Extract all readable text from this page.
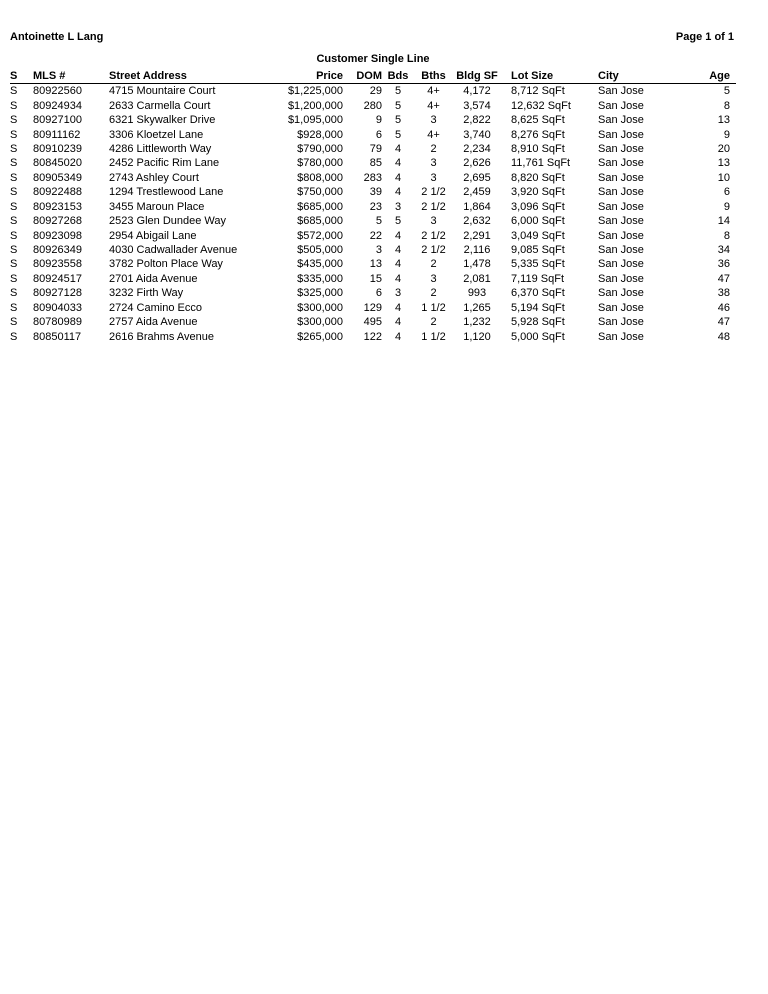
Antoinette L Lang	Page 1 of 1
Customer Single Line
S	MLS #	Street Address	Price	DOM	Bds	Bths	Bldg SF	Lot Size	City	Age
S	80922560	4715 Mountaire Court	$1,225,000	29	5	4+	4,172	8,712 SqFt	San Jose	5
S	80924934	2633 Carmella Court	$1,200,000	280	5	4+	3,574	12,632 SqFt	San Jose	8
S	80927100	6321 Skywalker Drive	$1,095,000	9	5	3	2,822	8,625 SqFt	San Jose	13
S	80911162	3306 Kloetzel Lane	$928,000	6	5	4+	3,740	8,276 SqFt	San Jose	9
S	80910239	4286 Littleworth Way	$790,000	79	4	2	2,234	8,910 SqFt	San Jose	20
S	80845020	2452 Pacific Rim Lane	$780,000	85	4	3	2,626	11,761 SqFt	San Jose	13
S	80905349	2743 Ashley Court	$808,000	283	4	3	2,695	8,820 SqFt	San Jose	10
S	80922488	1294 Trestlewood Lane	$750,000	39	4	2 1/2	2,459	3,920 SqFt	San Jose	6
S	80923153	3455 Maroun Place	$685,000	23	3	2 1/2	1,864	3,096 SqFt	San Jose	9
S	80927268	2523 Glen Dundee Way	$685,000	5	5	3	2,632	6,000 SqFt	San Jose	14
S	80923098	2954 Abigail Lane	$572,000	22	4	2 1/2	2,291	3,049 SqFt	San Jose	8
S	80926349	4030 Cadwallader Avenue	$505,000	3	4	2 1/2	2,116	9,085 SqFt	San Jose	34
S	80923558	3782 Polton Place Way	$435,000	13	4	2	1,478	5,335 SqFt	San Jose	36
S	80924517	2701 Aida Avenue	$335,000	15	4	3	2,081	7,119 SqFt	San Jose	47
S	80927128	3232 Firth Way	$325,000	6	3	2	993	6,370 SqFt	San Jose	38
S	80904033	2724 Camino Ecco	$300,000	129	4	1 1/2	1,265	5,194 SqFt	San Jose	46
S	80780989	2757 Aida Avenue	$300,000	495	4	2	1,232	5,928 SqFt	San Jose	47
S	80850117	2616 Brahms Avenue	$265,000	122	4	1 1/2	1,120	5,000 SqFt	San Jose	48
